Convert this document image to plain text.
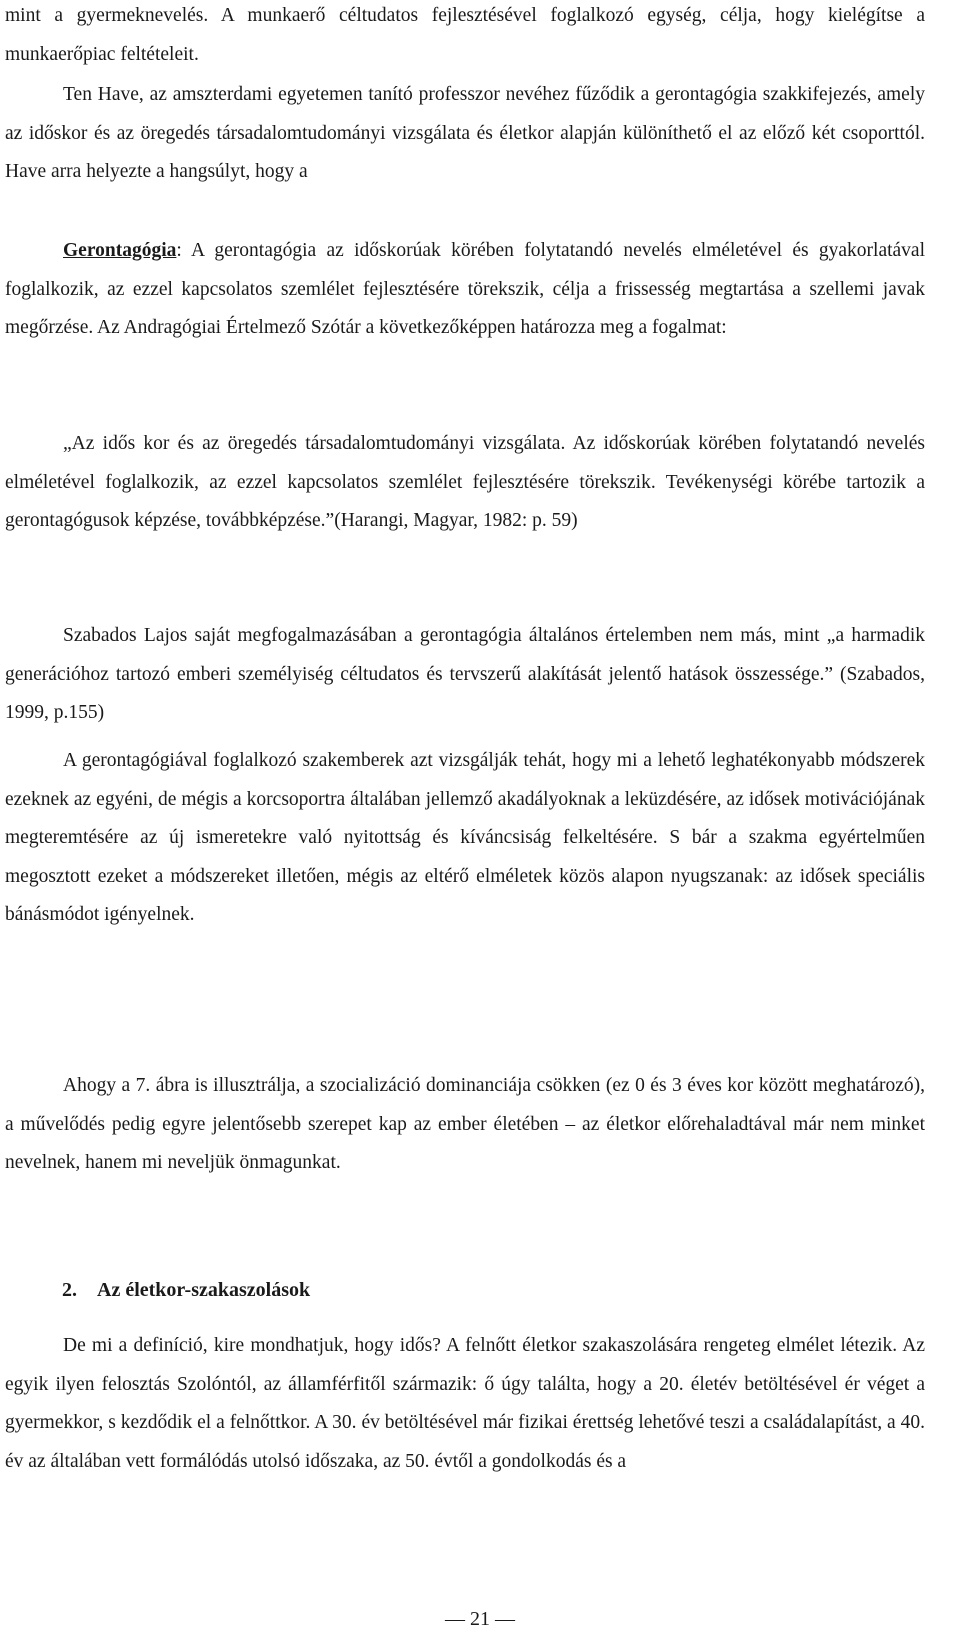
mint a gyermeknevelés. A munkaerő céltudatos fejlesztésével foglalkozó egység, célja, hogy kielégítse a munkaerőpiac feltételeit.

Ten Have, az amszterdami egyetemen tanító professzor nevéhez fűződik a gerontagógia szakkifejezés, amely az időskor és az öregedés társadalomtudományi vizsgálata és életkor alapján különíthető el az előző két csoporttól. Have arra helyezte a hangsúlyt, hogy a

Gerontagógia: A gerontagógia az időskorúak körében folytatandó nevelés elméletével és gyakorlatával foglalkozik, az ezzel kapcsolatos szemlélet fejlesztésére törekszik, célja a frissesség megtartása a szellemi javak megőrzése. Az Andragógiai Értelmező Szótár a következőképpen határozza meg a fogalmat:

„Az idős kor és az öregedés társadalomtudományi vizsgálata. Az időskorúak körében folytatandó nevelés elméletével foglalkozik, az ezzel kapcsolatos szemlélet fejlesztésére törekszik. Tevékenységi körébe tartozik a gerontagógusok képzése, továbbképzése.”(Harangi, Magyar, 1982: p. 59)

Szabados Lajos saját megfogalmazásában a gerontagógia általános értelemben nem más, mint „a harmadik generációhoz tartozó emberi személyiség céltudatos és tervszerű alakítását jelentő hatások összessége.” (Szabados, 1999, p.155)

A gerontagógiával foglalkozó szakemberek azt vizsgálják tehát, hogy mi a lehető leghatékonyabb módszerek ezeknek az egyéni, de mégis a korcsoportra általában jellemző akadályoknak a leküzdésére, az idősek motivációjának megteremtésére az új ismeretekre való nyitottság és kíváncsiság felkeltésére. S bár a szakma egyértelműen megosztott ezeket a módszereket illetően, mégis az eltérő elméletek közös alapon nyugszanak: az idősek speciális bánásmódot igényelnek.

Ahogy a 7. ábra is illusztrálja, a szocializáció dominanciája csökken (ez 0 és 3 éves kor között meghatározó), a művelődés pedig egyre jelentősebb szerepet kap az ember életében – az életkor előrehaladtával már nem minket nevelnek, hanem mi neveljük önmagunkat.

De mi a definíció, kire mondhatjuk, hogy idős? A felnőtt életkor szakaszolására rengeteg elmélet létezik. Az egyik ilyen felosztás Szolóntól, az államférfitől származik: ő úgy találta, hogy a 20. életév betöltésével ér véget a gyermekkor, s kezdődik el a felnőttkor. A 30. év betöltésével már fizikai érettség lehetővé teszi a családalapítást, a 40. év az általában vett formálódás utolsó időszaka, az 50. évtől a gondolkodás és a

2. Az életkor-szakaszolások
— 21 —
